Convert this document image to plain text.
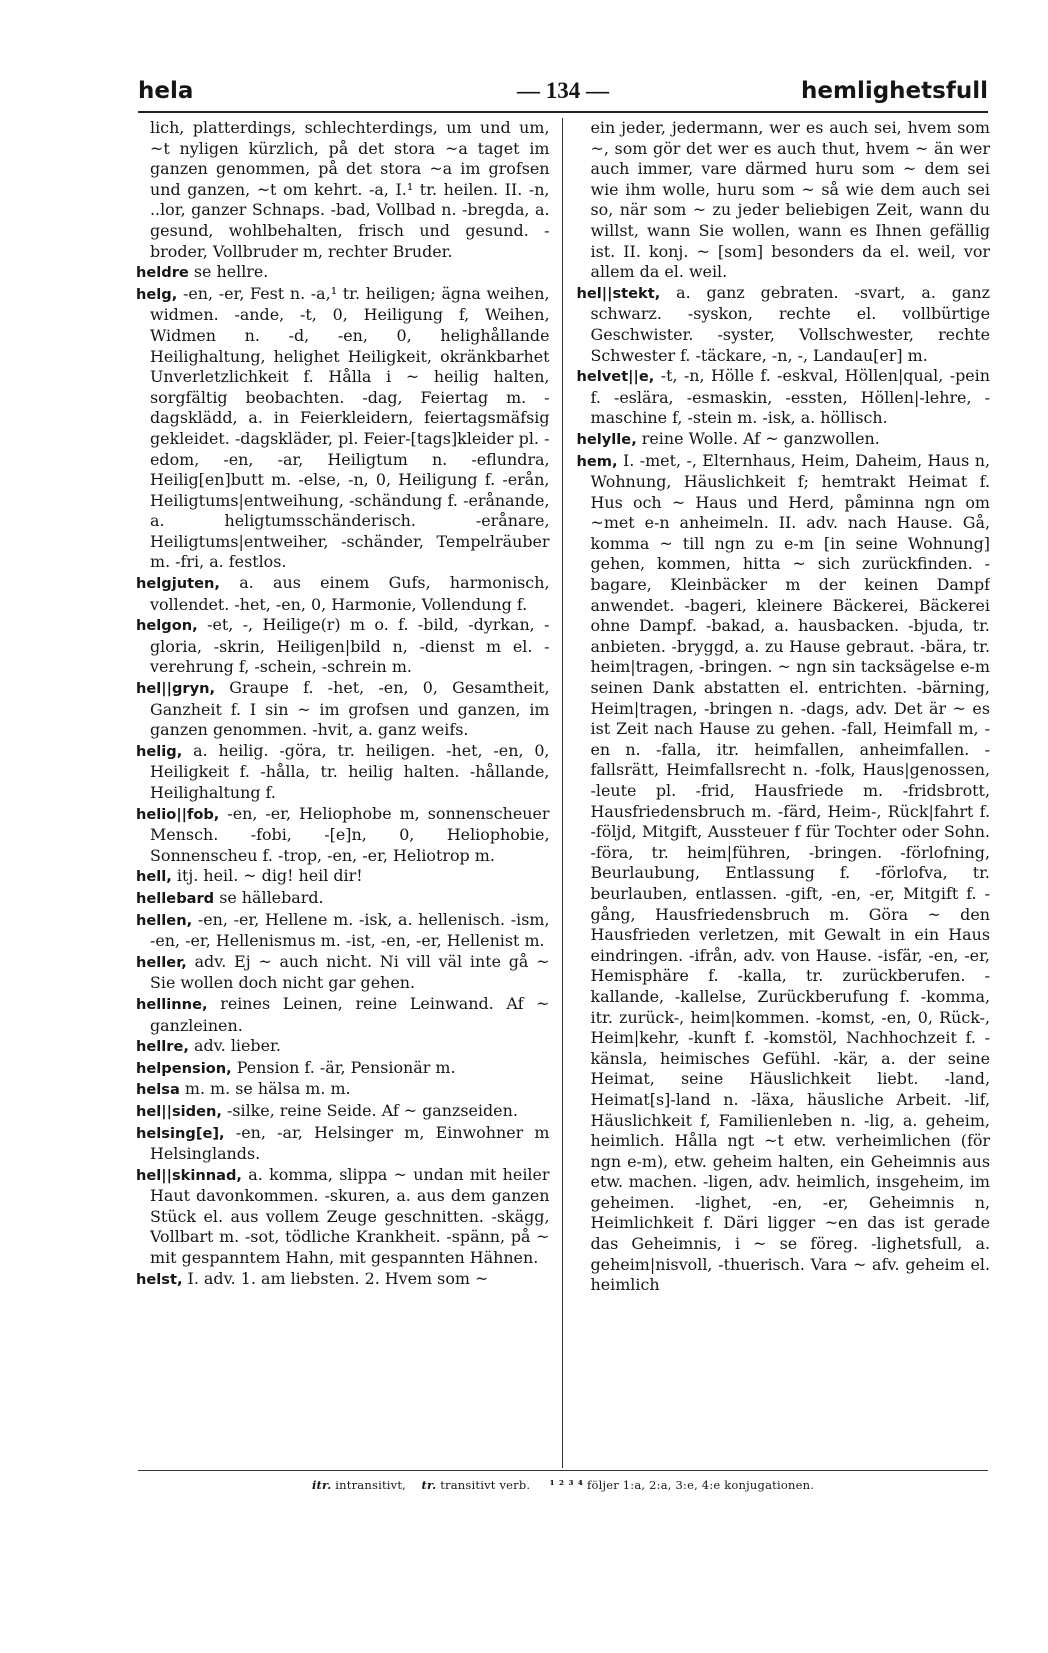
hela	— 134 —	hemlighetsfull

lich, platterdings, schlechterdings, um und um, ~t nyligen kürzlich, på det stora ~a taget im ganzen genommen, på det stora ~a im grofsen und ganzen, ~t om kehrt. -a, I.¹ tr. heilen. II. -n, ..lor, ganzer Schnaps. -bad, Vollbad n. -bregda, a. gesund, wohlbehalten, frisch und gesund. -broder, Vollbruder m, rechter Bruder.

heldre se hellre.

helg, -en, -er, Fest n. -a,¹ tr. heiligen; ägna weihen, widmen. -ande, -t, 0, Heiligung f, Weihen, Widmen n. -d, -en, 0, helighållande Heilighaltung, helighet Heiligkeit, okränkbarhet Unverletzlichkeit f. Hålla i ~ heilig halten, sorgfältig beobachten. -dag, Feiertag m. -dagsklädd, a. in Feierkleidern, feiertagsmäfsig gekleidet. -dagskläder, pl. Feier-[tags]kleider pl. -edom, -en, -ar, Heiligtum n. -eflundra, Heilig[en]butt m. -else, -n, 0, Heiligung f. -erån, Heiligtums|entweihung, -schändung f. -erånande, a. heligtumsschänderisch. -erånare, Heiligtums|entweiher, -schänder, Tempelräuber m. -fri, a. festlos.

helgjuten, a. aus einem Gufs, harmonisch, vollendet. -het, -en, 0, Harmonie, Vollendung f.

helgon, -et, -, Heilige(r) m o. f. -bild, -dyrkan, -gloria, -skrin, Heiligen|bild n, -dienst m el. -verehrung f, -schein, -schrein m.

hel||gryn, Graupe f. -het, -en, 0, Gesamtheit, Ganzheit f. I sin ~ im grofsen und ganzen, im ganzen genommen. -hvit, a. ganz weifs.

helig, a. heilig. -göra, tr. heiligen. -het, -en, 0, Heiligkeit f. -hålla, tr. heilig halten. -hållande, Heilighaltung f.

helio||fob, -en, -er, Heliophobe m, sonnenscheuer Mensch. -fobi, -[e]n, 0, Heliophobie, Sonnenscheu f. -trop, -en, -er, Heliotrop m.

hell, itj. heil. ~ dig! heil dir!

hellebard se hällebard.

hellen, -en, -er, Hellene m. -isk, a. hellenisch. -ism, -en, -er, Hellenismus m. -ist, -en, -er, Hellenist m.

heller, adv. Ej ~ auch nicht. Ni vill väl inte gå ~ Sie wollen doch nicht gar gehen.

hellinne, reines Leinen, reine Leinwand. Af ~ ganzleinen.

hellre, adv. lieber.

helpension, Pension f. -är, Pensionär m.

helsa m. m. se hälsa m. m.

hel||siden, -silke, reine Seide. Af ~ ganzseiden.

helsing[e], -en, -ar, Helsinger m, Einwohner m Helsinglands.

hel||skinnad, a. komma, slippa ~ undan mit heiler Haut davonkommen. -skuren, a. aus dem ganzen Stück el. aus vollem Zeuge geschnitten. -skägg, Vollbart m. -sot, tödliche Krankheit. -spänn, på ~ mit gespanntem Hahn, mit gespannten Hähnen.

helst, I. adv. 1. am liebsten. 2. Hvem som ~

ein jeder, jedermann, wer es auch sei, hvem som ~, som gör det wer es auch thut, hvem ~ än wer auch immer, vare därmed huru som ~ dem sei wie ihm wolle, huru som ~ så wie dem auch sei so, när som ~ zu jeder beliebigen Zeit, wann du willst, wann Sie wollen, wann es Ihnen gefällig ist. II. konj. ~ [som] besonders da el. weil, vor allem da el. weil.

hel||stekt, a. ganz gebraten. -svart, a. ganz schwarz. -syskon, rechte el. vollbürtige Geschwister. -syster, Vollschwester, rechte Schwester f. -täckare, -n, -, Landau[er] m.

helvet||e, -t, -n, Hölle f. -eskval, Höllen|qual, -pein f. -eslära, -esmaskin, -essten, Höllen|-lehre, -maschine f, -stein m. -isk, a. höllisch.

helylle, reine Wolle. Af ~ ganzwollen.

hem, I. -met, -, Elternhaus, Heim, Daheim, Haus n, Wohnung, Häuslichkeit f; hemtrakt Heimat f. Hus och ~ Haus und Herd, påminna ngn om ~met e-n anheimeln. II. adv. nach Hause. Gå, komma ~ till ngn zu e-m [in seine Wohnung] gehen, kommen, hitta ~ sich zurückfinden. -bagare, Kleinbäcker m der keinen Dampf anwendet. -bageri, kleinere Bäckerei, Bäckerei ohne Dampf. -bakad, a. hausbacken. -bjuda, tr. anbieten. -bryggd, a. zu Hause gebraut. -bära, tr. heim|tragen, -bringen. ~ ngn sin tacksägelse e-m seinen Dank abstatten el. entrichten. -bärning, Heim|tragen, -bringen n. -dags, adv. Det är ~ es ist Zeit nach Hause zu gehen. -fall, Heimfall m, -en n. -falla, itr. heimfallen, anheimfallen. -fallsrätt, Heimfallsrecht n. -folk, Haus|genossen, -leute pl. -frid, Hausfriede m. -fridsbrott, Hausfriedensbruch m. -färd, Heim-, Rück|fahrt f. -följd, Mitgift, Aussteuer f für Tochter oder Sohn. -föra, tr. heim|führen, -bringen. -förlofning, Beurlaubung, Entlassung f. -förlofva, tr. beurlauben, entlassen. -gift, -en, -er, Mitgift f. -gång, Hausfriedensbruch m. Göra ~ den Hausfrieden verletzen, mit Gewalt in ein Haus eindringen. -ifrån, adv. von Hause. -isfär, -en, -er, Hemisphäre f. -kalla, tr. zurückberufen. -kallande, -kallelse, Zurückberufung f. -komma, itr. zurück-, heim|kommen. -komst, -en, 0, Rück-, Heim|kehr, -kunft f. -komstöl, Nachhochzeit f. -känsla, heimisches Gefühl. -kär, a. der seine Heimat, seine Häuslichkeit liebt. -land, Heimat[s]-land n. -läxa, häusliche Arbeit. -lif, Häuslichkeit f, Familienleben n. -lig, a. geheim, heimlich. Hålla ngt ~t etw. verheimlichen (för ngn e-m), etw. geheim halten, ein Geheimnis aus etw. machen. -ligen, adv. heimlich, insgeheim, im geheimen. -lighet, -en, -er, Geheimnis n, Heimlichkeit f. Däri ligger ~en das ist gerade das Geheimnis, i ~ se föreg. -lighetsfull, a. geheim|nisvoll, -thuerisch. Vara ~ afv. geheim el. heimlich

itr. intransitivt, tr. transitivt verb. ¹ ² ³ ⁴ följer 1:a, 2:a, 3:e, 4:e konjugationen.
